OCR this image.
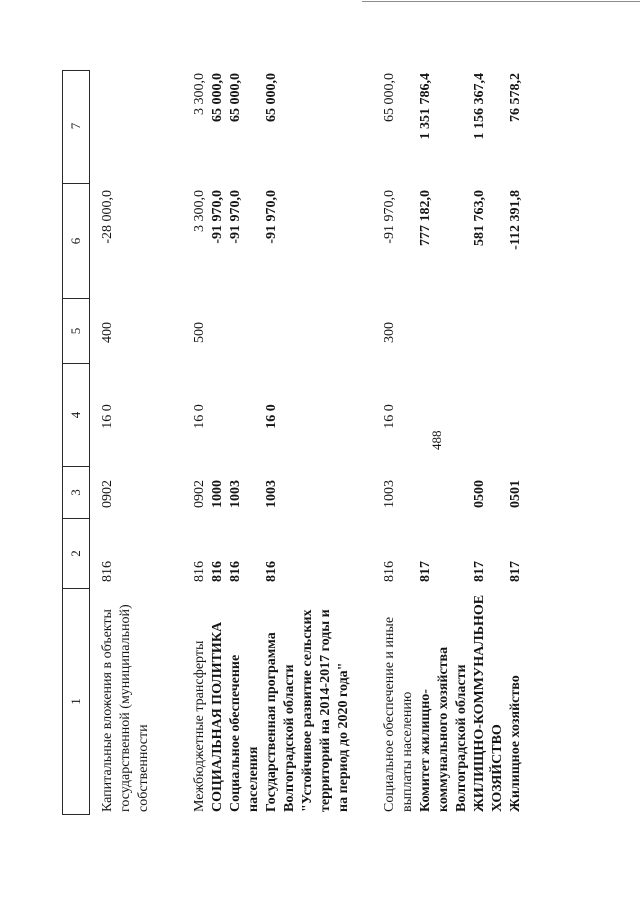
488
1
2
3
4
5
6
7
Капитальные вложения в объекты государственной (муниципальной) собственности
816
0902
16 0
400
-28 000,0
Межбюджетные трансферты
816
0902
16 0
500
3 300,0
3 300,0
СОЦИАЛЬНАЯ ПОЛИТИКА
816
1000
-91 970,0
65 000,0
Социальное обеспечение населения
816
1003
-91 970,0
65 000,0
Государственная программа Волгоградской области "Устойчивое развитие сельских территорий на 2014-2017 годы и на период до 2020 года"
816
1003
16 0
-91 970,0
65 000,0
Социальное обеспечение и иные выплаты населению
816
1003
16 0
300
-91 970,0
65 000,0
Комитет жилищно- коммунального хозяйства Волгоградской области
817
777 182,0
1 351 786,4
ЖИЛИЩНО-КОММУНАЛЬНОЕ ХОЗЯЙСТВО
817
0500
581 763,0
1 156 367,4
Жилищное хозяйство
817
0501
-112 391,8
76 578,2
